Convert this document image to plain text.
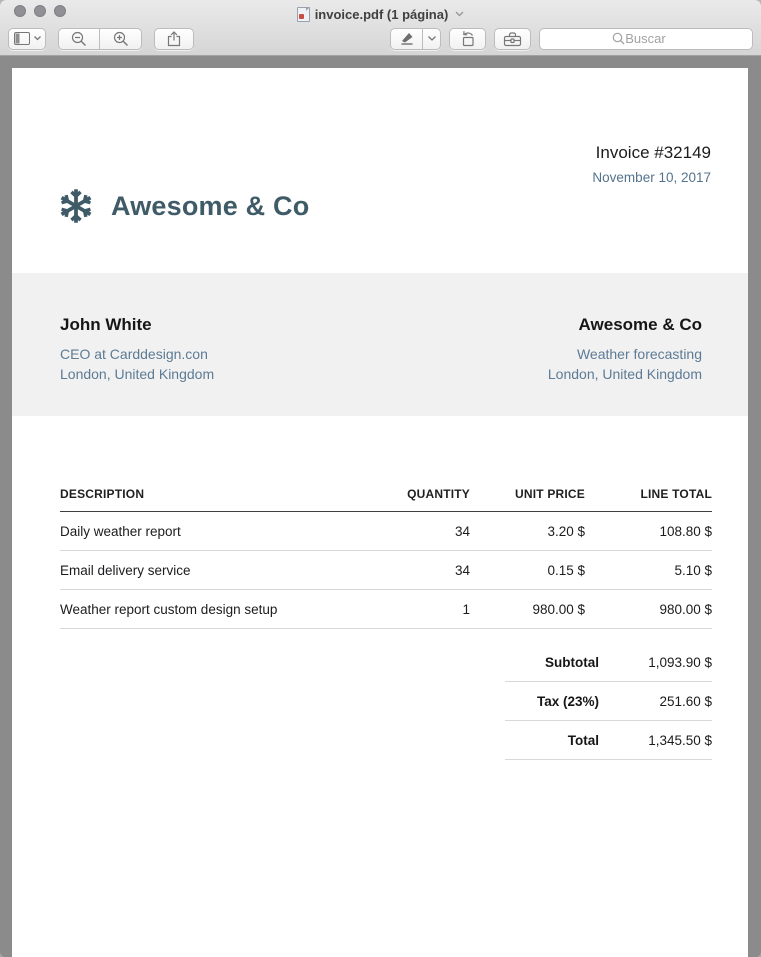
invoice.pdf (1 página)
Buscar
Awesome & Co
Invoice #32149
November 10, 2017
John White

CEO at Carddesign.con

London, United Kingdom

Awesome & Co

Weather forecasting

London, United Kingdom

DESCRIPTION	QUANTITY	UNIT PRICE	LINE TOTAL
Daily weather report	34	3.20 $	108.80 $
Email delivery service	34	0.15 $	5.10 $
Weather report custom design setup	1	980.00 $	980.00 $
Subtotal	1,093.90 $
Tax (23%)	251.60 $
Total	1,345.50 $
